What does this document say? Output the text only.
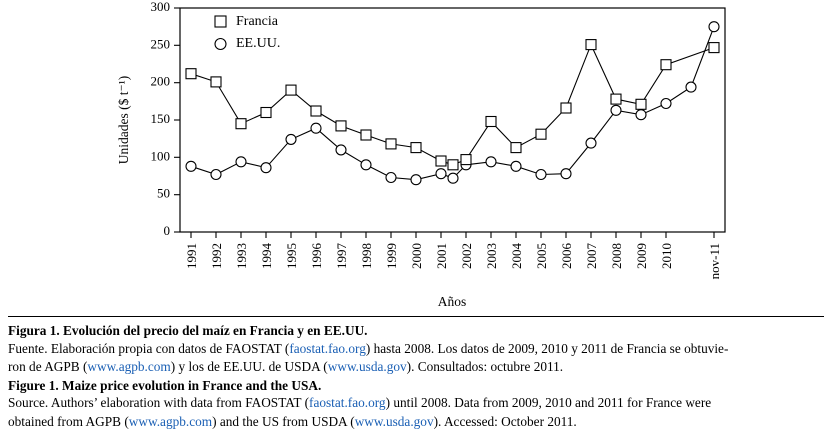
300
250
200
150
100
50
0
Unidades ($ t⁻¹)
1991 1992 1993 1994 1995 1996 1997 1998 1999 2000 2001 2002 2003 2004 2005 2006 2007 2008 2009 2010	nov-11
Años
Francia
EE.UU.

Figura 1. Evolución del precio del maíz en Francia y en EE.UU.

Fuente. Elaboración propia con datos de FAOSTAT (faostat.fao.org) hasta 2008. Los datos de 2009, 2010 y 2011 de Francia se obtuvie-

ron de AGPB (www.agpb.com) y los de EE.UU. de USDA (www.usda.gov). Consultados: octubre 2011.

Figure 1. Maize price evolution in France and the USA.

Source. Authors’ elaboration with data from FAOSTAT (faostat.fao.org) until 2008. Data from 2009, 2010 and 2011 for France were

obtained from AGPB (www.agpb.com) and the US from USDA (www.usda.gov). Accessed: October 2011.
